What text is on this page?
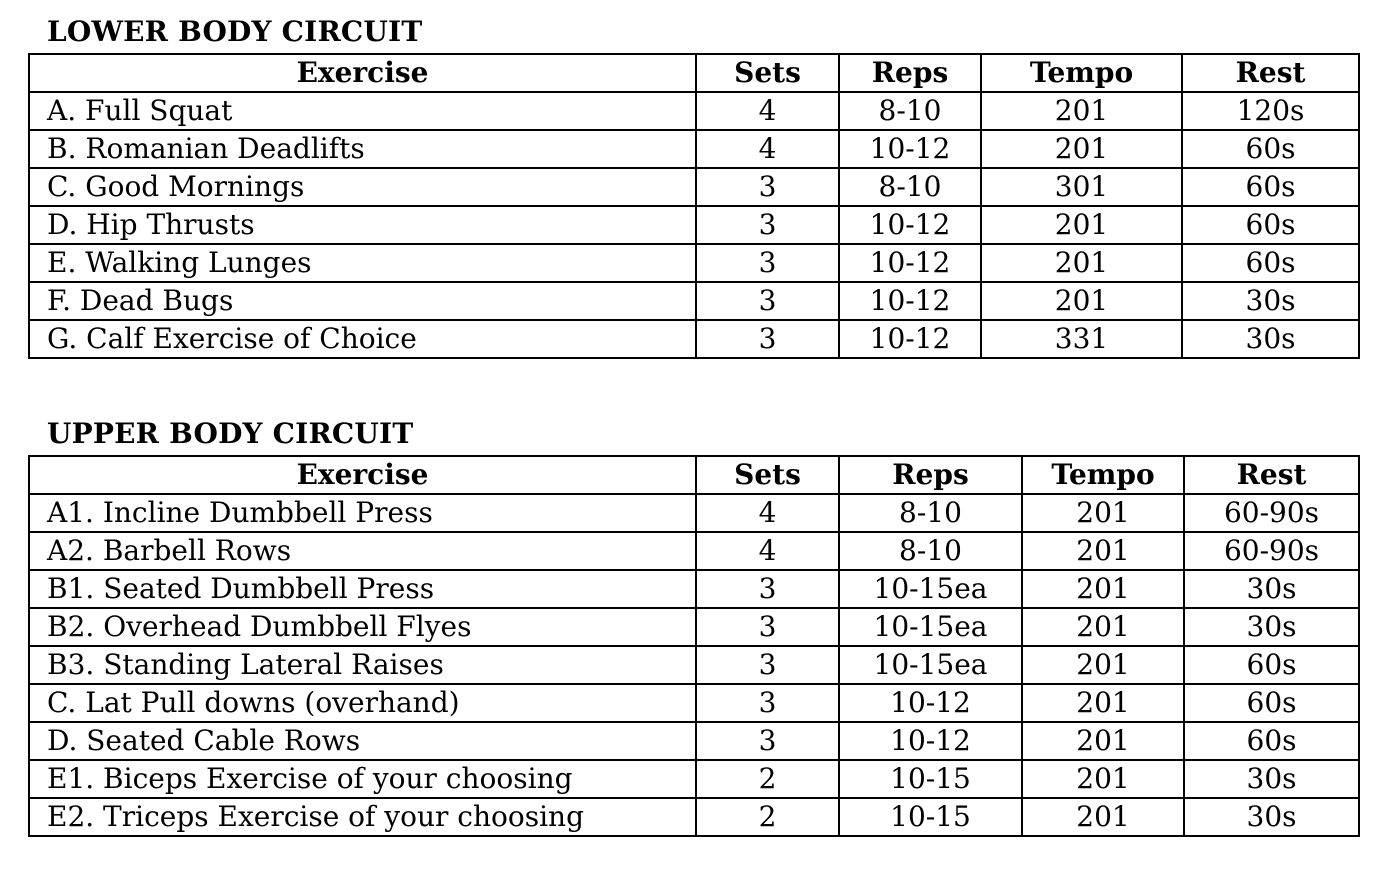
LOWER BODY CIRCUIT
Exercise	Sets	Reps	Tempo	Rest
A. Full Squat	4	8-10	201	120s
B. Romanian Deadlifts	4	10-12	201	60s
C. Good Mornings	3	8-10	301	60s
D. Hip Thrusts	3	10-12	201	60s
E. Walking Lunges	3	10-12	201	60s
F. Dead Bugs	3	10-12	201	30s
G. Calf Exercise of Choice	3	10-12	331	30s
UPPER BODY CIRCUIT
Exercise	Sets	Reps	Tempo	Rest
A1. Incline Dumbbell Press	4	8-10	201	60-90s
A2. Barbell Rows	4	8-10	201	60-90s
B1. Seated Dumbbell Press	3	10-15ea	201	30s
B2. Overhead Dumbbell Flyes	3	10-15ea	201	30s
B3. Standing Lateral Raises	3	10-15ea	201	60s
C. Lat Pull downs (overhand)	3	10-12	201	60s
D. Seated Cable Rows	3	10-12	201	60s
E1. Biceps Exercise of your choosing	2	10-15	201	30s
E2. Triceps Exercise of your choosing	2	10-15	201	30s
